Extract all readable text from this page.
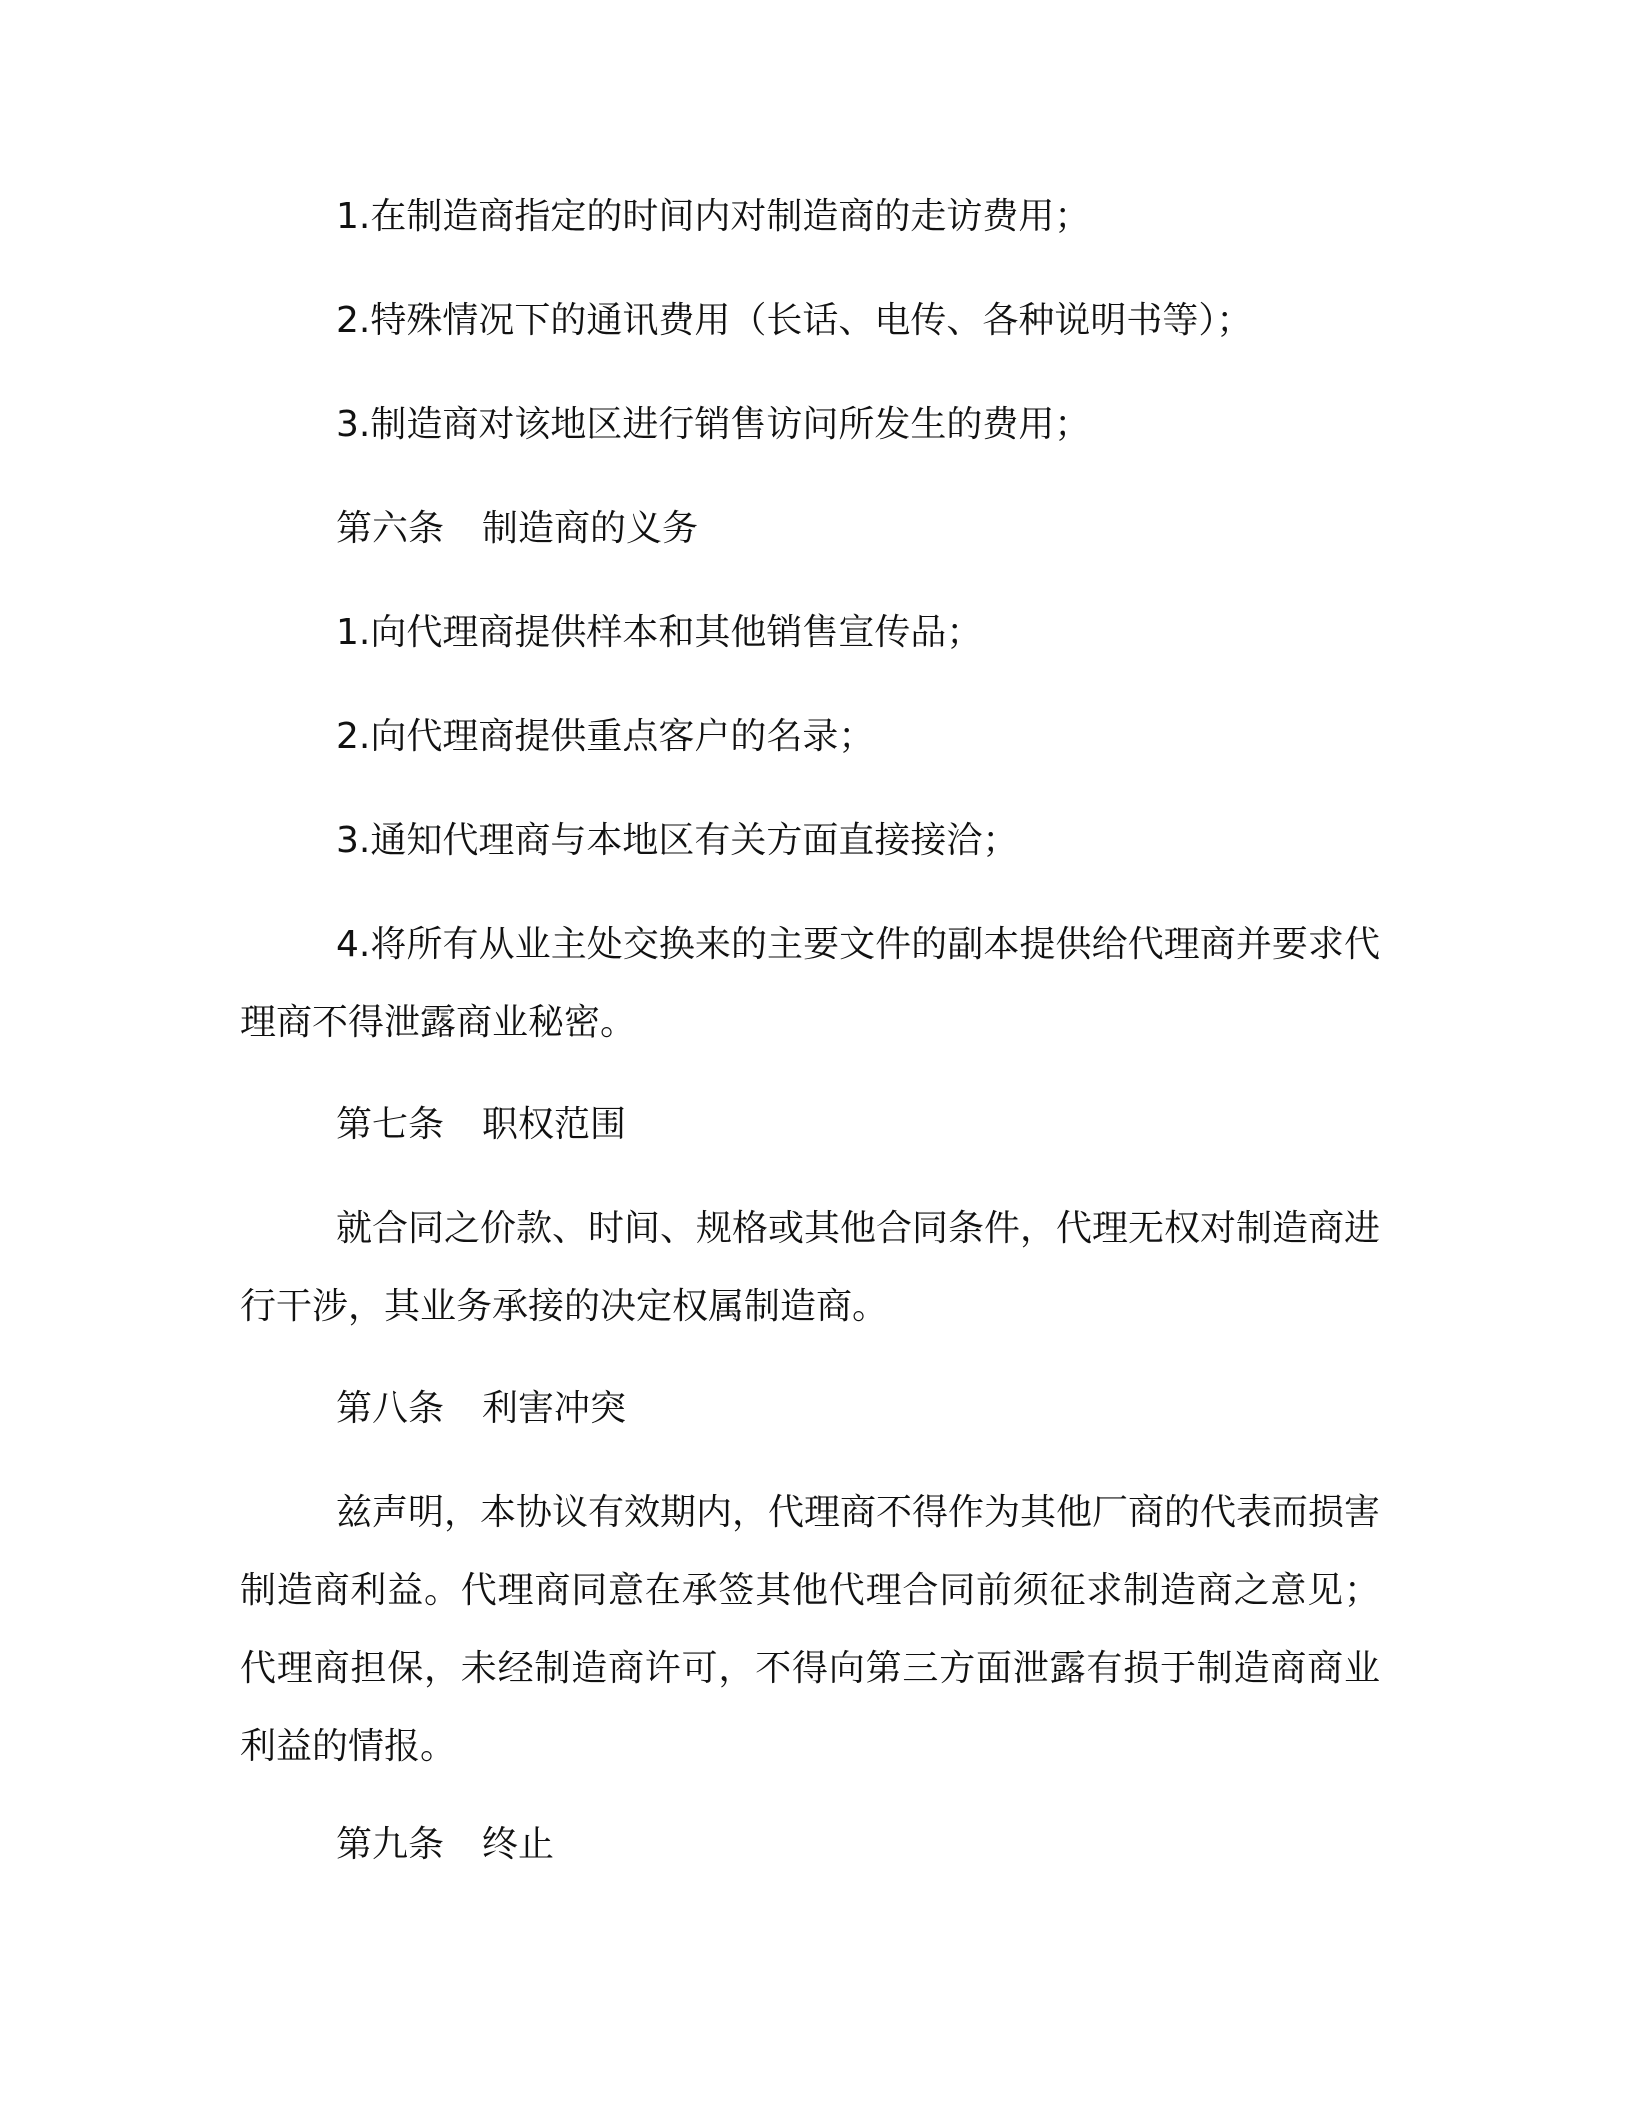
1.在制造商指定的时间内对制造商的走访费用；
2.特殊情况下的通讯费用（长话、电传、各种说明书等）；
3.制造商对该地区进行销售访问所发生的费用；
第六条 制造商的义务
1.向代理商提供样本和其他销售宣传品；
2.向代理商提供重点客户的名录；
3.通知代理商与本地区有关方面直接接洽；
4.将所有从业主处交换来的主要文件的副本提供给代理商并要求代理商不得泄露商业秘密。
第七条 职权范围
就合同之价款、时间、规格或其他合同条件，代理无权对制造商进行干涉，其业务承接的决定权属制造商。
第八条 利害冲突
兹声明，本协议有效期内，代理商不得作为其他厂商的代表而损害制造商利益。代理商同意在承签其他代理合同前须征求制造商之意见；代理商担保，未经制造商许可，不得向第三方面泄露有损于制造商商业利益的情报。
第九条 终止
